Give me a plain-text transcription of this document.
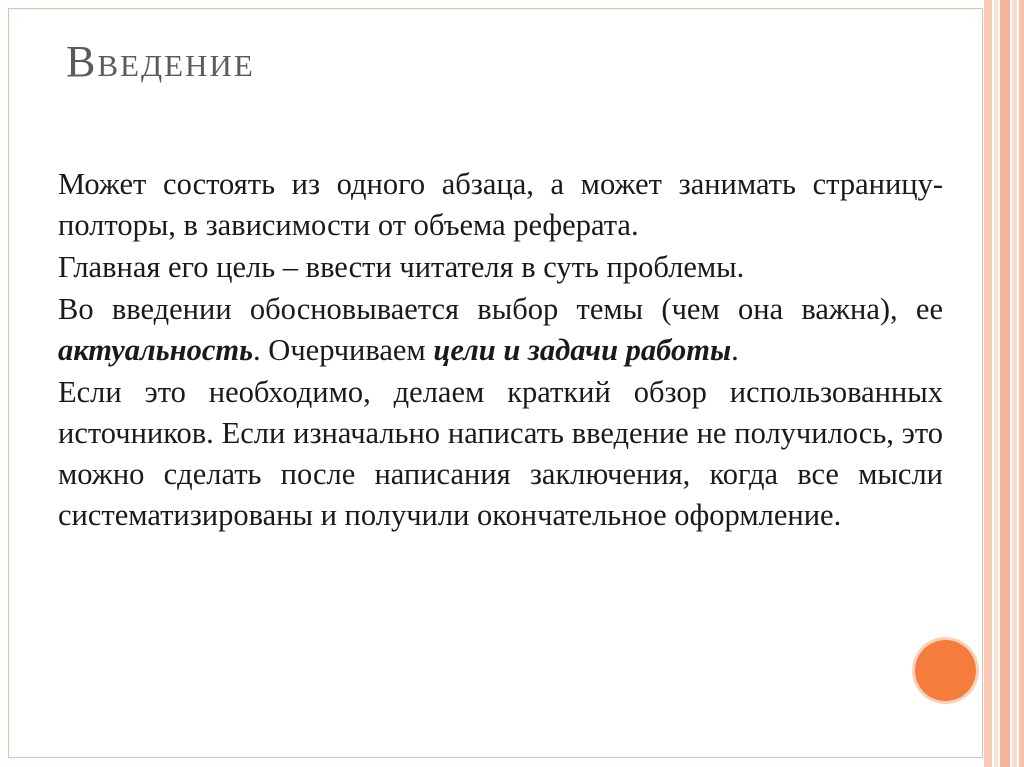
Введение

Может состоять из одного абзаца, а может занимать страницу-полторы, в зависимости от объема реферата.

Главная его цель – ввести читателя в суть проблемы.

Во введении обосновывается выбор темы (чем она важна), ее актуальность. Очерчиваем цели и задачи работы.

Если это необходимо, делаем краткий обзор использованных источников. Если изначально написать введение не получилось, это можно сделать после написания заключения, когда все мысли систематизированы и получили окончательное оформление.
